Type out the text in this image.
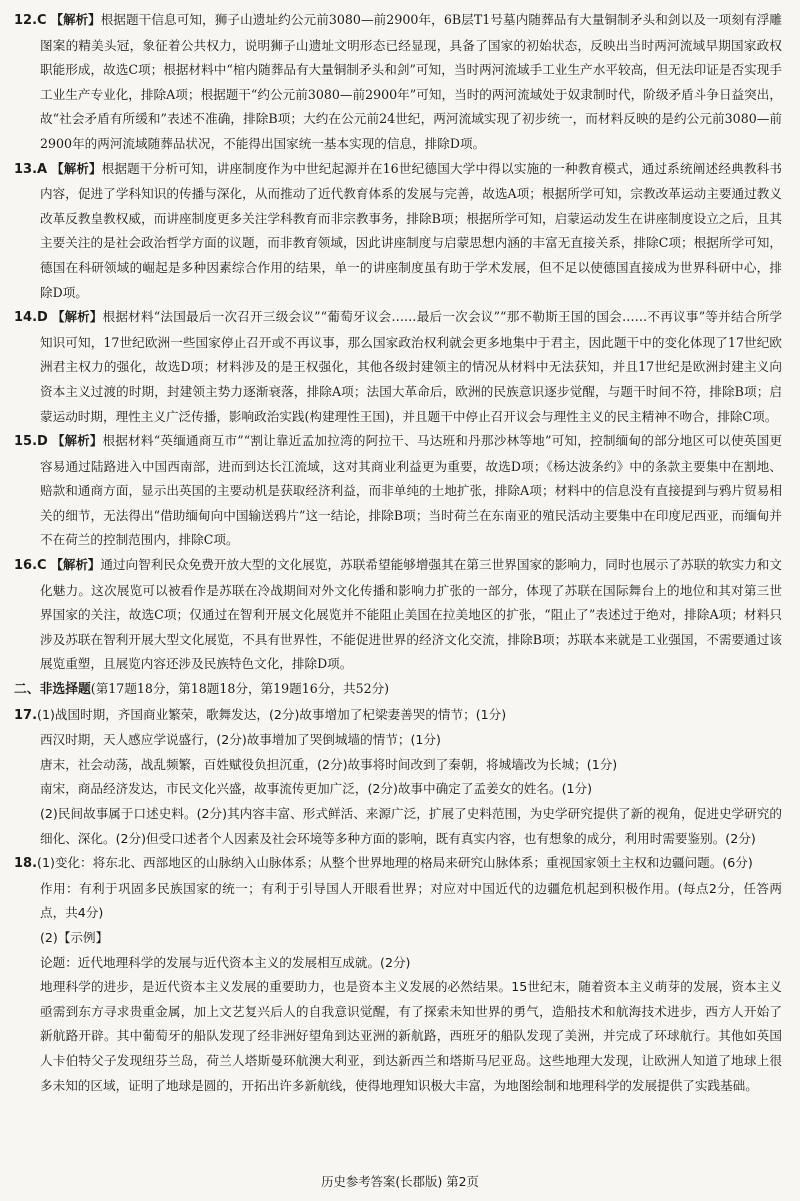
12.C 【解析】根据题干信息可知，狮子山遗址约公元前3080—前2900年，6B层T1号墓内随葬品有大量铜制矛头和剑以及一项刻有浮雕图案的精美头冠，象征着公共权力，说明狮子山遗址文明形态已经显现，具备了国家的初始状态，反映出当时两河流域早期国家政权职能形成，故选C项；根据材料中“棺内随葬品有大量铜制矛头和剑”可知，当时两河流域手工业生产水平较高，但无法印证是否实现手工业生产专业化，排除A项；根据题干“约公元前3080—前2900年”可知，当时的两河流域处于奴隶制时代，阶级矛盾斗争日益突出，故“社会矛盾有所缓和”表述不准确，排除B项；大约在公元前24世纪，两河流域实现了初步统一，而材料反映的是约公元前3080—前2900年的两河流域随葬品状况，不能得出国家统一基本实现的信息，排除D项。

13.A 【解析】根据题干分析可知，讲座制度作为中世纪起源并在16世纪德国大学中得以实施的一种教育模式，通过系统阐述经典教科书内容，促进了学科知识的传播与深化，从而推动了近代教育体系的发展与完善，故选A项；根据所学可知，宗教改革运动主要通过教义改革反教皇教权威，而讲座制度更多关注学科教育而非宗教事务，排除B项；根据所学可知，启蒙运动发生在讲座制度设立之后，且其主要关注的是社会政治哲学方面的议题，而非教育领域，因此讲座制度与启蒙思想内涵的丰富无直接关系，排除C项；根据所学可知，德国在科研领域的崛起是多种因素综合作用的结果，单一的讲座制度虽有助于学术发展，但不足以使德国直接成为世界科研中心，排除D项。

14.D 【解析】根据材料“法国最后一次召开三级会议”“葡萄牙议会……最后一次会议”“那不勒斯王国的国会……不再议事”等并结合所学知识可知，17世纪欧洲一些国家停止召开或不再议事，那么国家政治权利就会更多地集中于君主，因此题干中的变化体现了17世纪欧洲君主权力的强化，故选D项；材料涉及的是王权强化，其他各级封建领主的情况从材料中无法获知，并且17世纪是欧洲封建主义向资本主义过渡的时期，封建领主势力逐渐衰落，排除A项；法国大革命后，欧洲的民族意识逐步觉醒，与题干时间不符，排除B项；启蒙运动时期，理性主义广泛传播，影响政治实践(构建理性王国)，并且题干中停止召开议会与理性主义的民主精神不吻合，排除C项。

15.D 【解析】根据材料“英缅通商互市”“割让靠近孟加拉湾的阿拉干、马达班和丹那沙林等地”可知，控制缅甸的部分地区可以使英国更容易通过陆路进入中国西南部，进而到达长江流域，这对其商业利益更为重要，故选D项；《杨达波条约》中的条款主要集中在割地、赔款和通商方面，显示出英国的主要动机是获取经济利益，而非单纯的土地扩张，排除A项；材料中的信息没有直接提到与鸦片贸易相关的细节，无法得出“借助缅甸向中国输送鸦片”这一结论，排除B项；当时荷兰在东南亚的殖民活动主要集中在印度尼西亚，而缅甸并不在荷兰的控制范围内，排除C项。

16.C 【解析】通过向智利民众免费开放大型的文化展览，苏联希望能够增强其在第三世界国家的影响力，同时也展示了苏联的软实力和文化魅力。这次展览可以被看作是苏联在冷战期间对外文化传播和影响力扩张的一部分，体现了苏联在国际舞台上的地位和其对第三世界国家的关注，故选C项；仅通过在智利开展文化展览并不能阻止美国在拉美地区的扩张，“阻止了”表述过于绝对，排除A项；材料只涉及苏联在智利开展大型文化展览，不具有世界性，不能促进世界的经济文化交流，排除B项；苏联本来就是工业强国，不需要通过该展览重塑，且展览内容还涉及民族特色文化，排除D项。

二、非选择题(第17题18分，第18题18分，第19题16分，共52分)

17.(1)战国时期，齐国商业繁荣，歌舞发达，(2分)故事增加了杞梁妻善哭的情节；(1分)

西汉时期，天人感应学说盛行，(2分)故事增加了哭倒城墙的情节；(1分)

唐末，社会动荡，战乱频繁，百姓赋役负担沉重，(2分)故事将时间改到了秦朝，将城墙改为长城；(1分)

南宋，商品经济发达，市民文化兴盛，故事流传更加广泛，(2分)故事中确定了孟姜女的姓名。(1分)

(2)民间故事属于口述史料。(2分)其内容丰富、形式鲜活、来源广泛，扩展了史料范围，为史学研究提供了新的视角，促进史学研究的细化、深化。(2分)但受口述者个人因素及社会环境等多种方面的影响，既有真实内容，也有想象的成分，利用时需要鉴别。(2分)

18.(1)变化：将东北、西部地区的山脉纳入山脉体系；从整个世界地理的格局来研究山脉体系；重视国家领土主权和边疆问题。(6分)

作用：有利于巩固多民族国家的统一；有利于引导国人开眼看世界；对应对中国近代的边疆危机起到积极作用。(每点2分，任答两点，共4分)

(2)【示例】

论题：近代地理科学的发展与近代资本主义的发展相互成就。(2分)

地理科学的进步，是近代资本主义发展的重要助力，也是资本主义发展的必然结果。15世纪末，随着资本主义萌芽的发展，资本主义亟需到东方寻求贵重金属，加上文艺复兴后人的自我意识觉醒，有了探索未知世界的勇气，造船技术和航海技术进步，西方人开始了新航路开辟。其中葡萄牙的船队发现了经非洲好望角到达亚洲的新航路，西班牙的船队发现了美洲，并完成了环球航行。其他如英国人卡伯特父子发现纽芬兰岛，荷兰人塔斯曼环航澳大利亚，到达新西兰和塔斯马尼亚岛。这些地理大发现，让欧洲人知道了地球上很多未知的区域，证明了地球是圆的，开拓出许多新航线，使得地理知识极大丰富，为地图绘制和地理科学的发展提供了实践基础。

历史参考答案(长郡版) 第2页
